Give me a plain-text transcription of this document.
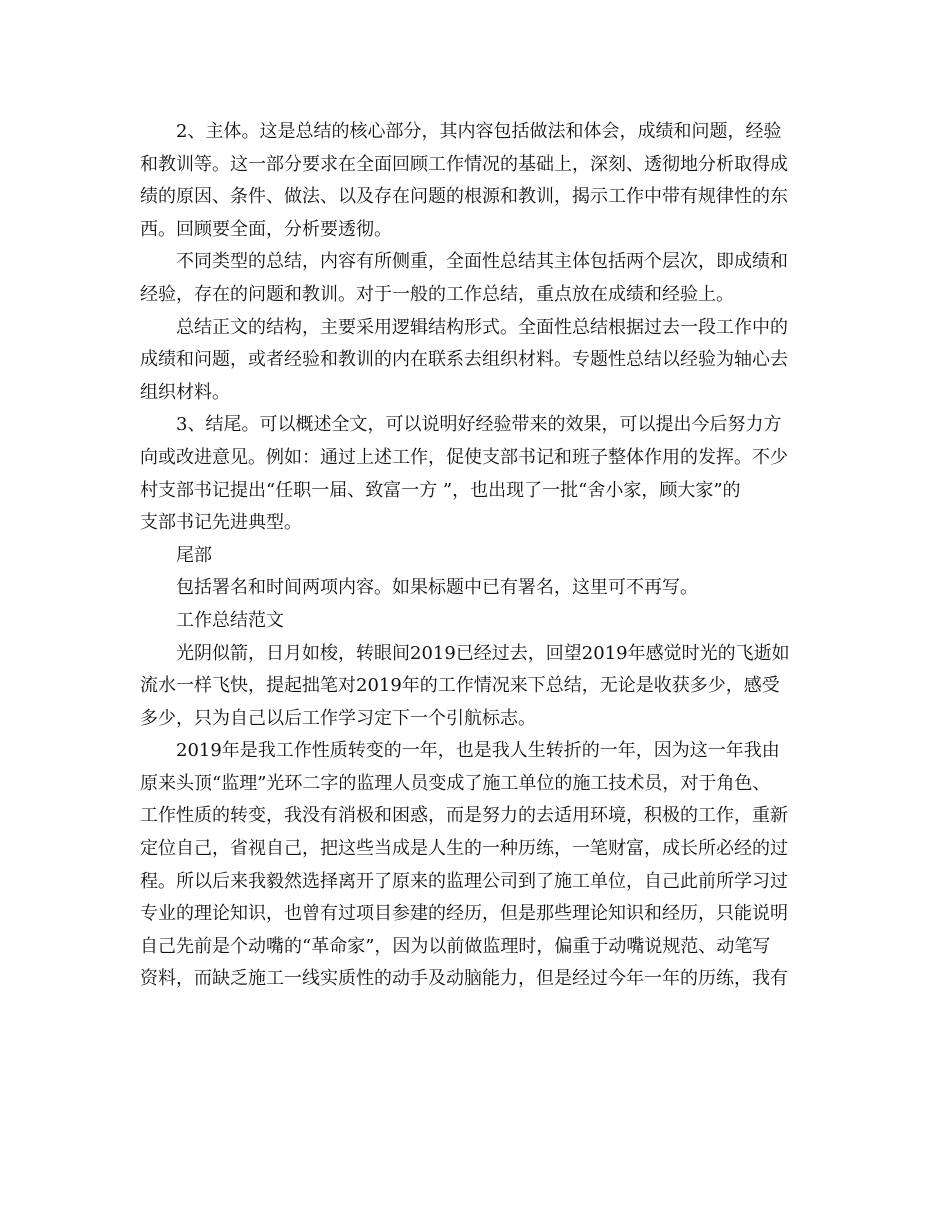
2、主体。这是总结的核心部分，其内容包括做法和体会，成绩和问题，经验
和教训等。这一部分要求在全面回顾工作情况的基础上，深刻、透彻地分析取得成
绩的原因、条件、做法、以及存在问题的根源和教训，揭示工作中带有规律性的东
西。回顾要全面，分析要透彻。
不同类型的总结，内容有所侧重，全面性总结其主体包括两个层次，即成绩和
经验，存在的问题和教训。对于一般的工作总结，重点放在成绩和经验上。
总结正文的结构，主要采用逻辑结构形式。全面性总结根据过去一段工作中的
成绩和问题，或者经验和教训的内在联系去组织材料。专题性总结以经验为轴心去
组织材料。
3、结尾。可以概述全文，可以说明好经验带来的效果，可以提出今后努力方
向或改进意见。例如：通过上述工作，促使支部书记和班子整体作用的发挥。不少
村支部书记提出“任职一届、致富一方 ”，也出现了一批“舍小家，顾大家”的
支部书记先进典型。
尾部
包括署名和时间两项内容。如果标题中已有署名，这里可不再写。
工作总结范文
光阴似箭，日月如梭，转眼间2019已经过去，回望2019年感觉时光的飞逝如
流水一样飞快，提起拙笔对2019年的工作情况来下总结，无论是收获多少，感受
多少，只为自己以后工作学习定下一个引航标志。
2019年是我工作性质转变的一年，也是我人生转折的一年，因为这一年我由
原来头顶“监理”光环二字的监理人员变成了施工单位的施工技术员，对于角色、
工作性质的转变，我没有消极和困惑，而是努力的去适用环境，积极的工作，重新
定位自己，省视自己，把这些当成是人生的一种历练，一笔财富，成长所必经的过
程。所以后来我毅然选择离开了原来的监理公司到了施工单位，自己此前所学习过
专业的理论知识，也曾有过项目参建的经历，但是那些理论知识和经历，只能说明
自己先前是个动嘴的“革命家”，因为以前做监理时，偏重于动嘴说规范、动笔写
资料，而缺乏施工一线实质性的动手及动脑能力，但是经过今年一年的历练，我有
